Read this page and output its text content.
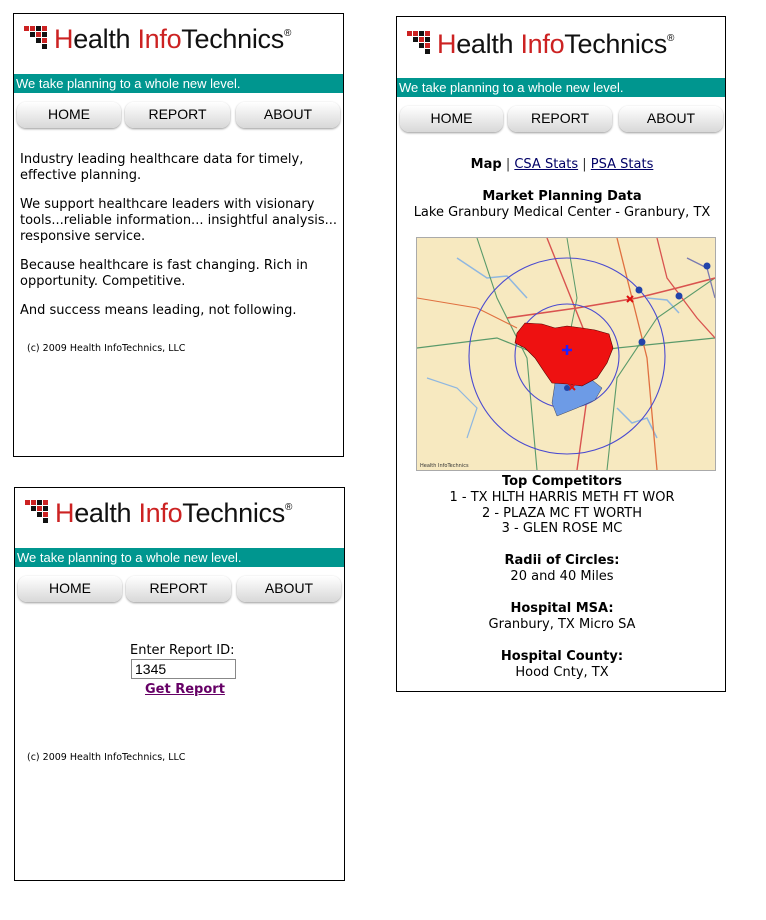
Health InfoTechnics®
We take planning to a whole new level.
HOME	REPORT	ABOUT

Industry leading healthcare data for timely, effective planning.

We support healthcare leaders with visionary tools...reliable information... insightful analysis... responsive service.

Because healthcare is fast changing. Rich in opportunity. Competitive.

And success means leading, not following.

(c) 2009 Health InfoTechnics, LLC
Health InfoTechnics®
We take planning to a whole new level.
HOME	REPORT	ABOUT
Enter Report ID:
1345
Get Report
(c) 2009 Health InfoTechnics, LLC
Health InfoTechnics®
We take planning to a whole new level.
HOME	REPORT	ABOUT
Map | CSA Stats | PSA Stats
Market Planning Data
Lake Granbury Medical Center - Granbury, TX
Health InfoTechnics
Top Competitors
1 - TX HLTH HARRIS METH FT WOR
2 - PLAZA MC FT WORTH
3 - GLEN ROSE MC
Radii of Circles:
20 and 40 Miles
Hospital MSA:
Granbury, TX Micro SA
Hospital County:
Hood Cnty, TX
